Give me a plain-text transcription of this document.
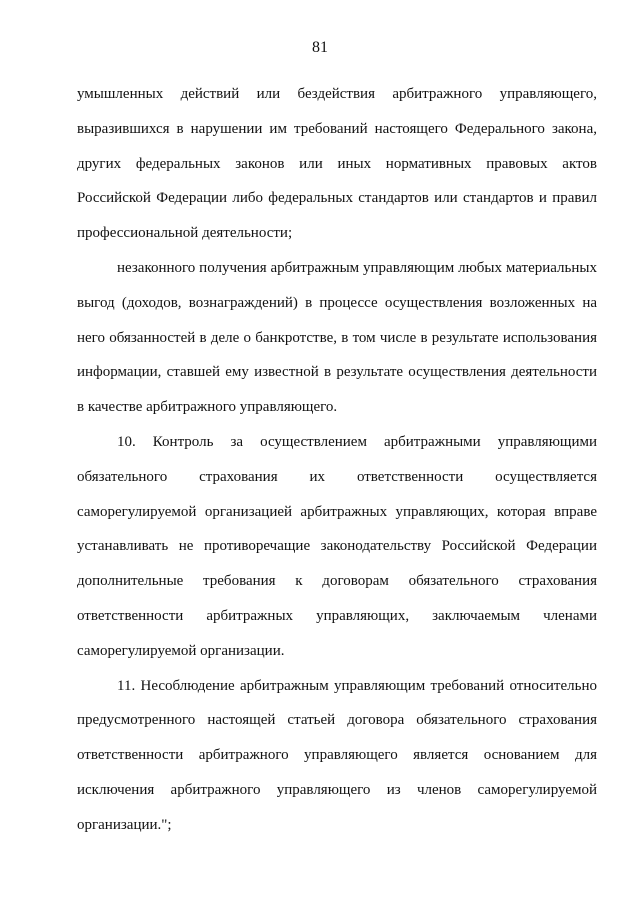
81

умышленных действий или бездействия арбитражного управляющего, выразившихся в нарушении им требований настоящего Федерального закона, других федеральных законов или иных нормативных правовых актов Российской Федерации либо федеральных стандартов или стандартов и правил профессиональной деятельности;

незаконного получения арбитражным управляющим любых материальных выгод (доходов, вознаграждений) в процессе осуществления возложенных на него обязанностей в деле о банкротстве, в том числе в результате использования информации, ставшей ему известной в результате осуществления деятельности в качестве арбитражного управляющего.

10. Контроль за осуществлением арбитражными управляющими обязательного страхования их ответственности осуществляется саморегулируемой организацией арбитражных управляющих, которая вправе устанавливать не противоречащие законодательству Российской Федерации дополнительные требования к договорам обязательного страхования ответственности арбитражных управляющих, заключаемым членами саморегулируемой организации.

11. Несоблюдение арбитражным управляющим требований относительно предусмотренного настоящей статьей договора обязательного страхования ответственности арбитражного управляющего является основанием для исключения арбитражного управляющего из членов саморегулируемой организации.";
